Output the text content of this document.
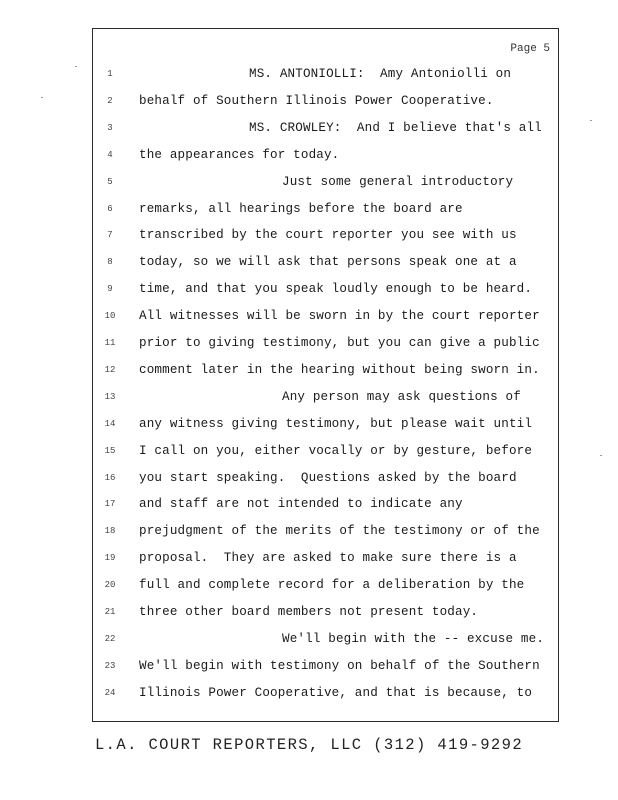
Page 5
1	MS. ANTONIOLLI:  Amy Antoniolli on
2	behalf of Southern Illinois Power Cooperative.
3	MS. CROWLEY:  And I believe that's all
4	the appearances for today.
5	Just some general introductory
6	remarks, all hearings before the board are
7	transcribed by the court reporter you see with us
8	today, so we will ask that persons speak one at a
9	time, and that you speak loudly enough to be heard.
10	All witnesses will be sworn in by the court reporter
11	prior to giving testimony, but you can give a public
12	comment later in the hearing without being sworn in.
13	Any person may ask questions of
14	any witness giving testimony, but please wait until
15	I call on you, either vocally or by gesture, before
16	you start speaking.  Questions asked by the board
17	and staff are not intended to indicate any
18	prejudgment of the merits of the testimony or of the
19	proposal.  They are asked to make sure there is a
20	full and complete record for a deliberation by the
21	three other board members not present today.
22	We'll begin with the -- excuse me.
23	We'll begin with testimony on behalf of the Southern
24	Illinois Power Cooperative, and that is because, to
L.A. COURT REPORTERS, LLC (312) 419-9292
